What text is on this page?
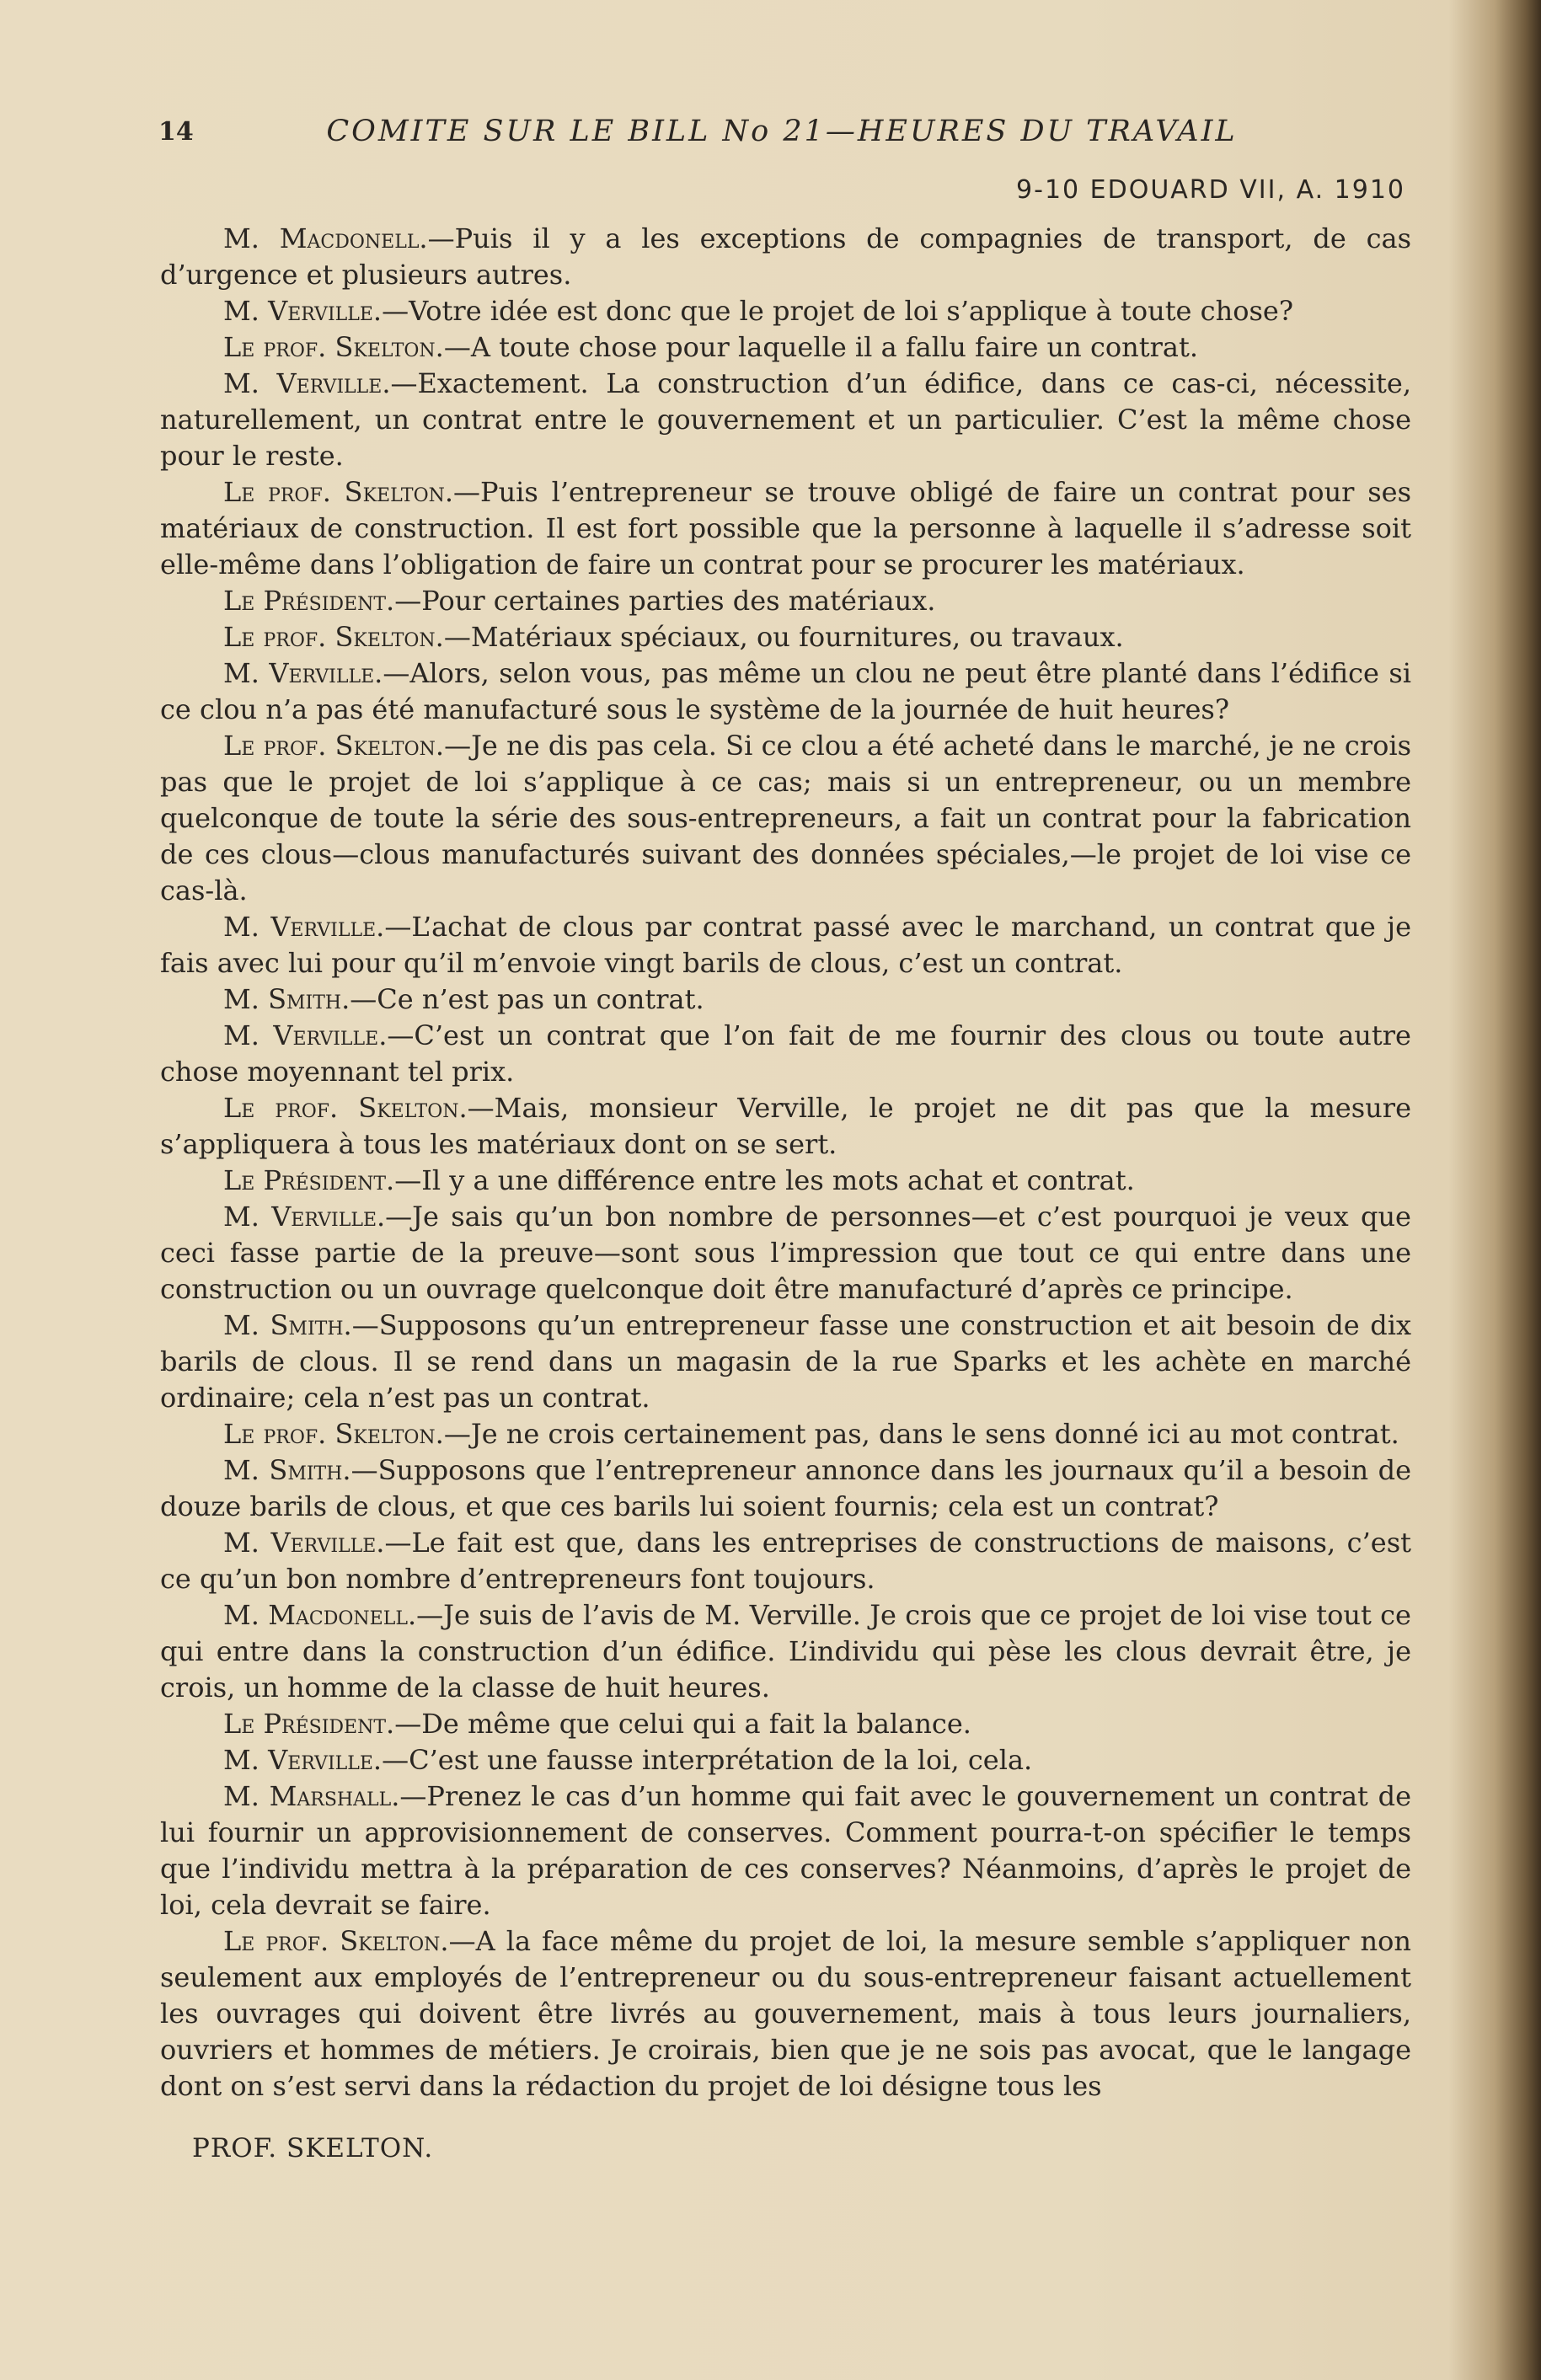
14	COMITE SUR LE BILL No 21—HEURES DU TRAVAIL
9-10 EDOUARD VII, A. 1910

M. Macdonell.—Puis il y a les exceptions de compagnies de transport, de cas d’urgence et plusieurs autres.

M. Verville.—Votre idée est donc que le projet de loi s’applique à toute chose?

Le prof. Skelton.—A toute chose pour laquelle il a fallu faire un contrat.

M. Verville.—Exactement. La construction d’un édifice, dans ce cas-ci, nécessite, naturellement, un contrat entre le gouvernement et un particulier. C’est la même chose pour le reste.

Le prof. Skelton.—Puis l’entrepreneur se trouve obligé de faire un contrat pour ses matériaux de construction. Il est fort possible que la personne à laquelle il s’adresse soit elle-même dans l’obligation de faire un contrat pour se procurer les matériaux.

Le Président.—Pour certaines parties des matériaux.

Le prof. Skelton.—Matériaux spéciaux, ou fournitures, ou travaux.

M. Verville.—Alors, selon vous, pas même un clou ne peut être planté dans l’édifice si ce clou n’a pas été manufacturé sous le système de la journée de huit heures?

Le prof. Skelton.—Je ne dis pas cela. Si ce clou a été acheté dans le marché, je ne crois pas que le projet de loi s’applique à ce cas; mais si un entrepreneur, ou un membre quelconque de toute la série des sous-entrepreneurs, a fait un contrat pour la fabrication de ces clous—clous manufacturés suivant des données spéciales,—le projet de loi vise ce cas-là.

M. Verville.—L’achat de clous par contrat passé avec le marchand, un contrat que je fais avec lui pour qu’il m’envoie vingt barils de clous, c’est un contrat.

M. Smith.—Ce n’est pas un contrat.

M. Verville.—C’est un contrat que l’on fait de me fournir des clous ou toute autre chose moyennant tel prix.

Le prof. Skelton.—Mais, monsieur Verville, le projet ne dit pas que la mesure s’appliquera à tous les matériaux dont on se sert.

Le Président.—Il y a une différence entre les mots achat et contrat.

M. Verville.—Je sais qu’un bon nombre de personnes—et c’est pourquoi je veux que ceci fasse partie de la preuve—sont sous l’impression que tout ce qui entre dans une construction ou un ouvrage quelconque doit être manufacturé d’après ce principe.

M. Smith.—Supposons qu’un entrepreneur fasse une construction et ait besoin de dix barils de clous. Il se rend dans un magasin de la rue Sparks et les achète en marché ordinaire; cela n’est pas un contrat.

Le prof. Skelton.—Je ne crois certainement pas, dans le sens donné ici au mot contrat.

M. Smith.—Supposons que l’entrepreneur annonce dans les journaux qu’il a besoin de douze barils de clous, et que ces barils lui soient fournis; cela est un contrat?

M. Verville.—Le fait est que, dans les entreprises de constructions de maisons, c’est ce qu’un bon nombre d’entrepreneurs font toujours.

M. Macdonell.—Je suis de l’avis de M. Verville. Je crois que ce projet de loi vise tout ce qui entre dans la construction d’un édifice. L’individu qui pèse les clous devrait être, je crois, un homme de la classe de huit heures.

Le Président.—De même que celui qui a fait la balance.

M. Verville.—C’est une fausse interprétation de la loi, cela.

M. Marshall.—Prenez le cas d’un homme qui fait avec le gouvernement un contrat de lui fournir un approvisionnement de conserves. Comment pourra-t-on spécifier le temps que l’individu mettra à la préparation de ces conserves? Néanmoins, d’après le projet de loi, cela devrait se faire.

Le prof. Skelton.—A la face même du projet de loi, la mesure semble s’appliquer non seulement aux employés de l’entrepreneur ou du sous-entrepreneur faisant actuellement les ouvrages qui doivent être livrés au gouvernement, mais à tous leurs journaliers, ouvriers et hommes de métiers. Je croirais, bien que je ne sois pas avocat, que le langage dont on s’est servi dans la rédaction du projet de loi désigne tous les

PROF. SKELTON.
